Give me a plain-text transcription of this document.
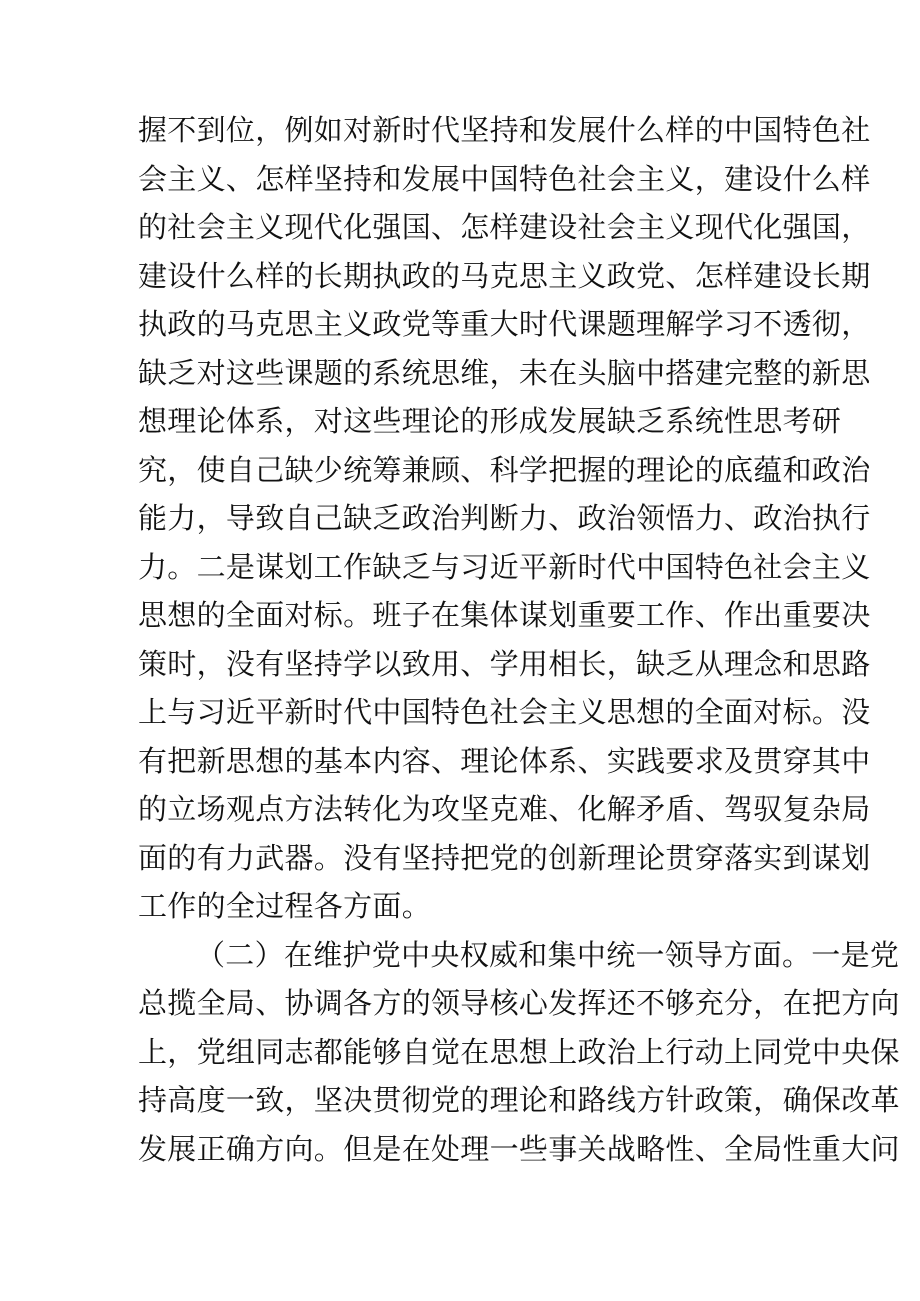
握不到位，例如对新时代坚持和发展什么样的中国特色社
会主义、怎样坚持和发展中国特色社会主义，建设什么样
的社会主义现代化强国、怎样建设社会主义现代化强国，
建设什么样的长期执政的马克思主义政党、怎样建设长期
执政的马克思主义政党等重大时代课题理解学习不透彻，
缺乏对这些课题的系统思维，未在头脑中搭建完整的新思
想理论体系，对这些理论的形成发展缺乏系统性思考研
究，使自己缺少统筹兼顾、科学把握的理论的底蕴和政治
能力，导致自己缺乏政治判断力、政治领悟力、政治执行
力。二是谋划工作缺乏与习近平新时代中国特色社会主义
思想的全面对标。班子在集体谋划重要工作、作出重要决
策时，没有坚持学以致用、学用相长，缺乏从理念和思路
上与习近平新时代中国特色社会主义思想的全面对标。没
有把新思想的基本内容、理论体系、实践要求及贯穿其中
的立场观点方法转化为攻坚克难、化解矛盾、驾驭复杂局
面的有力武器。没有坚持把党的创新理论贯穿落实到谋划
工作的全过程各方面。
（二）在维护党中央权威和集中统一领导方面。一是党
总揽全局、协调各方的领导核心发挥还不够充分，在把方向
上，党组同志都能够自觉在思想上政治上行动上同党中央保
持高度一致，坚决贯彻党的理论和路线方针政策，确保改革
发展正确方向。但是在处理一些事关战略性、全局性重大问
